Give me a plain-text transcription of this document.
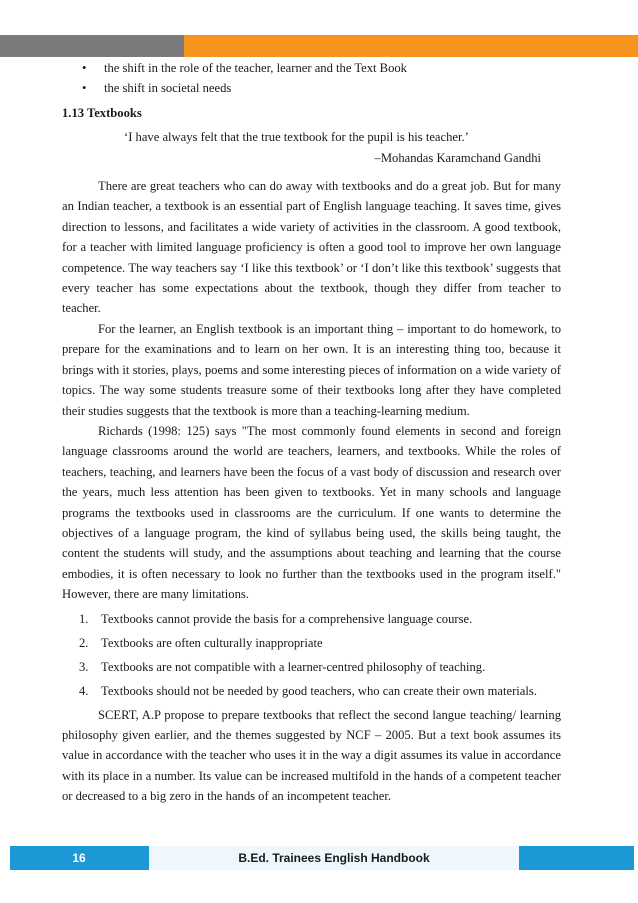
• the shift in the role of the teacher, learner and the Text Book
• the shift in societal needs
1.13 Textbooks
‘I have always felt that the true textbook for the pupil is his teacher.’
–Mohandas Karamchand Gandhi

There are great teachers who can do away with textbooks and do a great job. But for many an Indian teacher, a textbook is an essential part of English language teaching. It saves time, gives direction to lessons, and facilitates a wide variety of activities in the classroom. A good textbook, for a teacher with limited language proficiency is often a good tool to improve her own language competence. The way teachers say ‘I like this textbook’ or ‘I don’t like this textbook’ suggests that every teacher has some expectations about the textbook, though they differ from teacher to teacher.

For the learner, an English textbook is an important thing – important to do homework, to prepare for the examinations and to learn on her own. It is an interesting thing too, because it brings with it stories, plays, poems and some interesting pieces of information on a wide variety of topics. The way some students treasure some of their textbooks long after they have completed their studies suggests that the textbook is more than a teaching-learning medium.

Richards (1998: 125) says "The most commonly found elements in second and foreign language classrooms around the world are teachers, learners, and textbooks. While the roles of teachers, teaching, and learners have been the focus of a vast body of discussion and research over the years, much less attention has been given to textbooks. Yet in many schools and language programs the textbooks used in classrooms are the curriculum. If one wants to determine the objectives of a language program, the kind of syllabus being used, the skills being taught, the content the students will study, and the assumptions about teaching and learning that the course embodies, it is often necessary to look no further than the textbooks used in the program itself." However, there are many limitations.

1. Textbooks cannot provide the basis for a comprehensive language course.
2. Textbooks are often culturally inappropriate
3. Textbooks are not compatible with a learner-centred philosophy of teaching.
4. Textbooks should not be needed by good teachers, who can create their own materials.

SCERT, A.P propose to prepare textbooks that reflect the second langue teaching/ learning philosophy given earlier, and the themes suggested by NCF – 2005. But a text book assumes its value in accordance with the teacher who uses it in the way a digit assumes its value in accordance with its place in a number. Its value can be increased multifold in the hands of a competent teacher or decreased to a big zero in the hands of an incompetent teacher.

16	B.Ed. Trainees English Handbook
